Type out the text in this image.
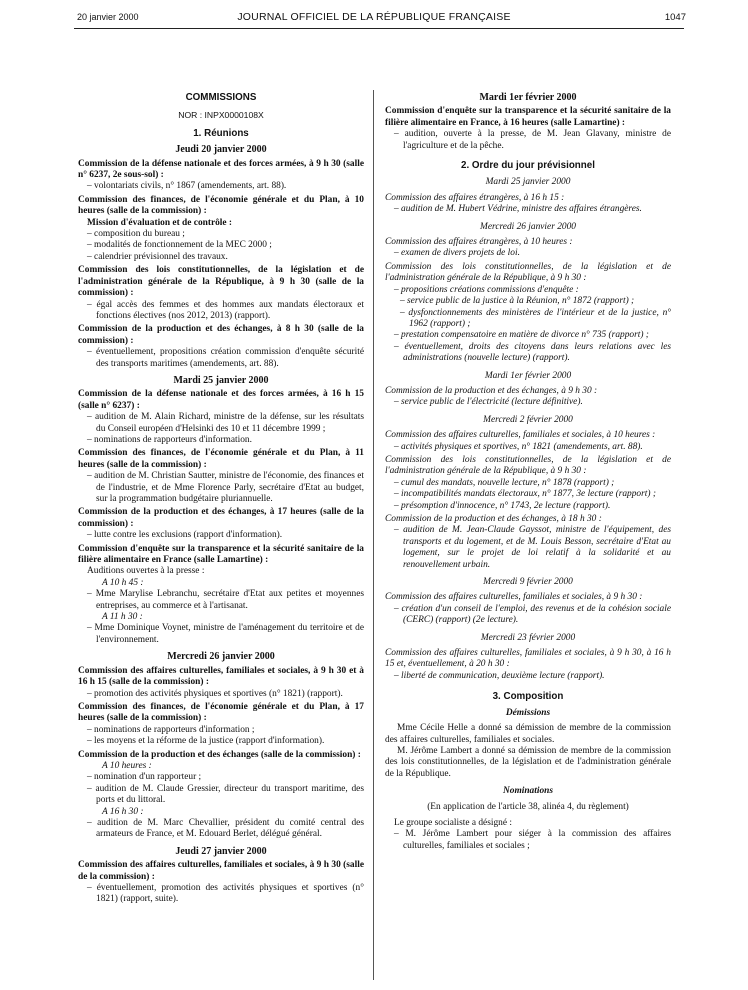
20 janvier 2000	JOURNAL OFFICIEL DE LA RÉPUBLIQUE FRANÇAISE	1047

COMMISSIONS

NOR : INPX0000108X

1. Réunions

Jeudi 20 janvier 2000

Commission de la défense nationale et des forces armées, à 9 h 30 (salle n° 6237, 2e sous-sol) :

– volontariats civils, n° 1867 (amendements, art. 88).

Commission des finances, de l'économie générale et du Plan, à 10 heures (salle de la commission) :

Mission d'évaluation et de contrôle :

– composition du bureau ;
– modalités de fonctionnement de la MEC 2000 ;
– calendrier prévisionnel des travaux.

Commission des lois constitutionnelles, de la législation et de l'administration générale de la République, à 9 h 30 (salle de la commission) :

– égal accès des femmes et des hommes aux mandats électoraux et fonctions électives (nos 2012, 2013) (rapport).

Commission de la production et des échanges, à 8 h 30 (salle de la commission) :

– éventuellement, propositions création commission d'enquête sécurité des transports maritimes (amendements, art. 88).

Mardi 25 janvier 2000

Commission de la défense nationale et des forces armées, à 16 h 15 (salle n° 6237) :

– audition de M. Alain Richard, ministre de la défense, sur les résultats du Conseil européen d'Helsinki des 10 et 11 décembre 1999 ;
– nominations de rapporteurs d'information.

Commission des finances, de l'économie générale et du Plan, à 11 heures (salle de la commission) :

– audition de M. Christian Sautter, ministre de l'économie, des finances et de l'industrie, et de Mme Florence Parly, secrétaire d'Etat au budget, sur la programmation budgétaire pluriannuelle.

Commission de la production et des échanges, à 17 heures (salle de la commission) :

– lutte contre les exclusions (rapport d'information).

Commission d'enquête sur la transparence et la sécurité sanitaire de la filière alimentaire en France (salle Lamartine) :

Auditions ouvertes à la presse :

A 10 h 45 :

– Mme Marylise Lebranchu, secrétaire d'Etat aux petites et moyennes entreprises, au commerce et à l'artisanat.

A 11 h 30 :

– Mme Dominique Voynet, ministre de l'aménagement du territoire et de l'environnement.

Mercredi 26 janvier 2000

Commission des affaires culturelles, familiales et sociales, à 9 h 30 et à 16 h 15 (salle de la commission) :

– promotion des activités physiques et sportives (n° 1821) (rapport).

Commission des finances, de l'économie générale et du Plan, à 17 heures (salle de la commission) :

– nominations de rapporteurs d'information ;
– les moyens et la réforme de la justice (rapport d'information).

Commission de la production et des échanges (salle de la commission) :

A 10 heures :

– nomination d'un rapporteur ;
– audition de M. Claude Gressier, directeur du transport maritime, des ports et du littoral.

A 16 h 30 :

– audition de M. Marc Chevallier, président du comité central des armateurs de France, et M. Edouard Berlet, délégué général.

Jeudi 27 janvier 2000

Commission des affaires culturelles, familiales et sociales, à 9 h 30 (salle de la commission) :

– éventuellement, promotion des activités physiques et sportives (n° 1821) (rapport, suite).

Mardi 1er février 2000

Commission d'enquête sur la transparence et la sécurité sanitaire de la filière alimentaire en France, à 16 heures (salle Lamartine) :

– audition, ouverte à la presse, de M. Jean Glavany, ministre de l'agriculture et de la pêche.

2. Ordre du jour prévisionnel

Mardi 25 janvier 2000

Commission des affaires étrangères, à 16 h 15 :

– audition de M. Hubert Védrine, ministre des affaires étrangères.

Mercredi 26 janvier 2000

Commission des affaires étrangères, à 10 heures :

– examen de divers projets de loi.

Commission des lois constitutionnelles, de la législation et de l'administration générale de la République, à 9 h 30 :

– propositions créations commissions d'enquête :
– service public de la justice à la Réunion, n° 1872 (rapport) ;
– dysfonctionnements des ministères de l'intérieur et de la justice, n° 1962 (rapport) ;
– prestation compensatoire en matière de divorce n° 735 (rapport) ;
– éventuellement, droits des citoyens dans leurs relations avec les administrations (nouvelle lecture) (rapport).

Mardi 1er février 2000

Commission de la production et des échanges, à 9 h 30 :

– service public de l'électricité (lecture définitive).

Mercredi 2 février 2000

Commission des affaires culturelles, familiales et sociales, à 10 heures :

– activités physiques et sportives, n° 1821 (amendements, art. 88).

Commission des lois constitutionnelles, de la législation et de l'administration générale de la République, à 9 h 30 :

– cumul des mandats, nouvelle lecture, n° 1878 (rapport) ;
– incompatibilités mandats électoraux, n° 1877, 3e lecture (rapport) ;
– présomption d'innocence, n° 1743, 2e lecture (rapport).

Commission de la production et des échanges, à 18 h 30 :

– audition de M. Jean-Claude Gayssot, ministre de l'équipement, des transports et du logement, et de M. Louis Besson, secrétaire d'Etat au logement, sur le projet de loi relatif à la solidarité et au renouvellement urbain.

Mercredi 9 février 2000

Commission des affaires culturelles, familiales et sociales, à 9 h 30 :

– création d'un conseil de l'emploi, des revenus et de la cohésion sociale (CERC) (rapport) (2e lecture).

Mercredi 23 février 2000

Commission des affaires culturelles, familiales et sociales, à 9 h 30, à 16 h 15 et, éventuellement, à 20 h 30 :

– liberté de communication, deuxième lecture (rapport).

3. Composition

Démissions

Mme Cécile Helle a donné sa démission de membre de la commission des affaires culturelles, familiales et sociales.

M. Jérôme Lambert a donné sa démission de membre de la commission des lois constitutionnelles, de la législation et de l'administration générale de la République.

Nominations

(En application de l'article 38, alinéa 4, du règlement)

Le groupe socialiste a désigné :

– M. Jérôme Lambert pour siéger à la commission des affaires culturelles, familiales et sociales ;
